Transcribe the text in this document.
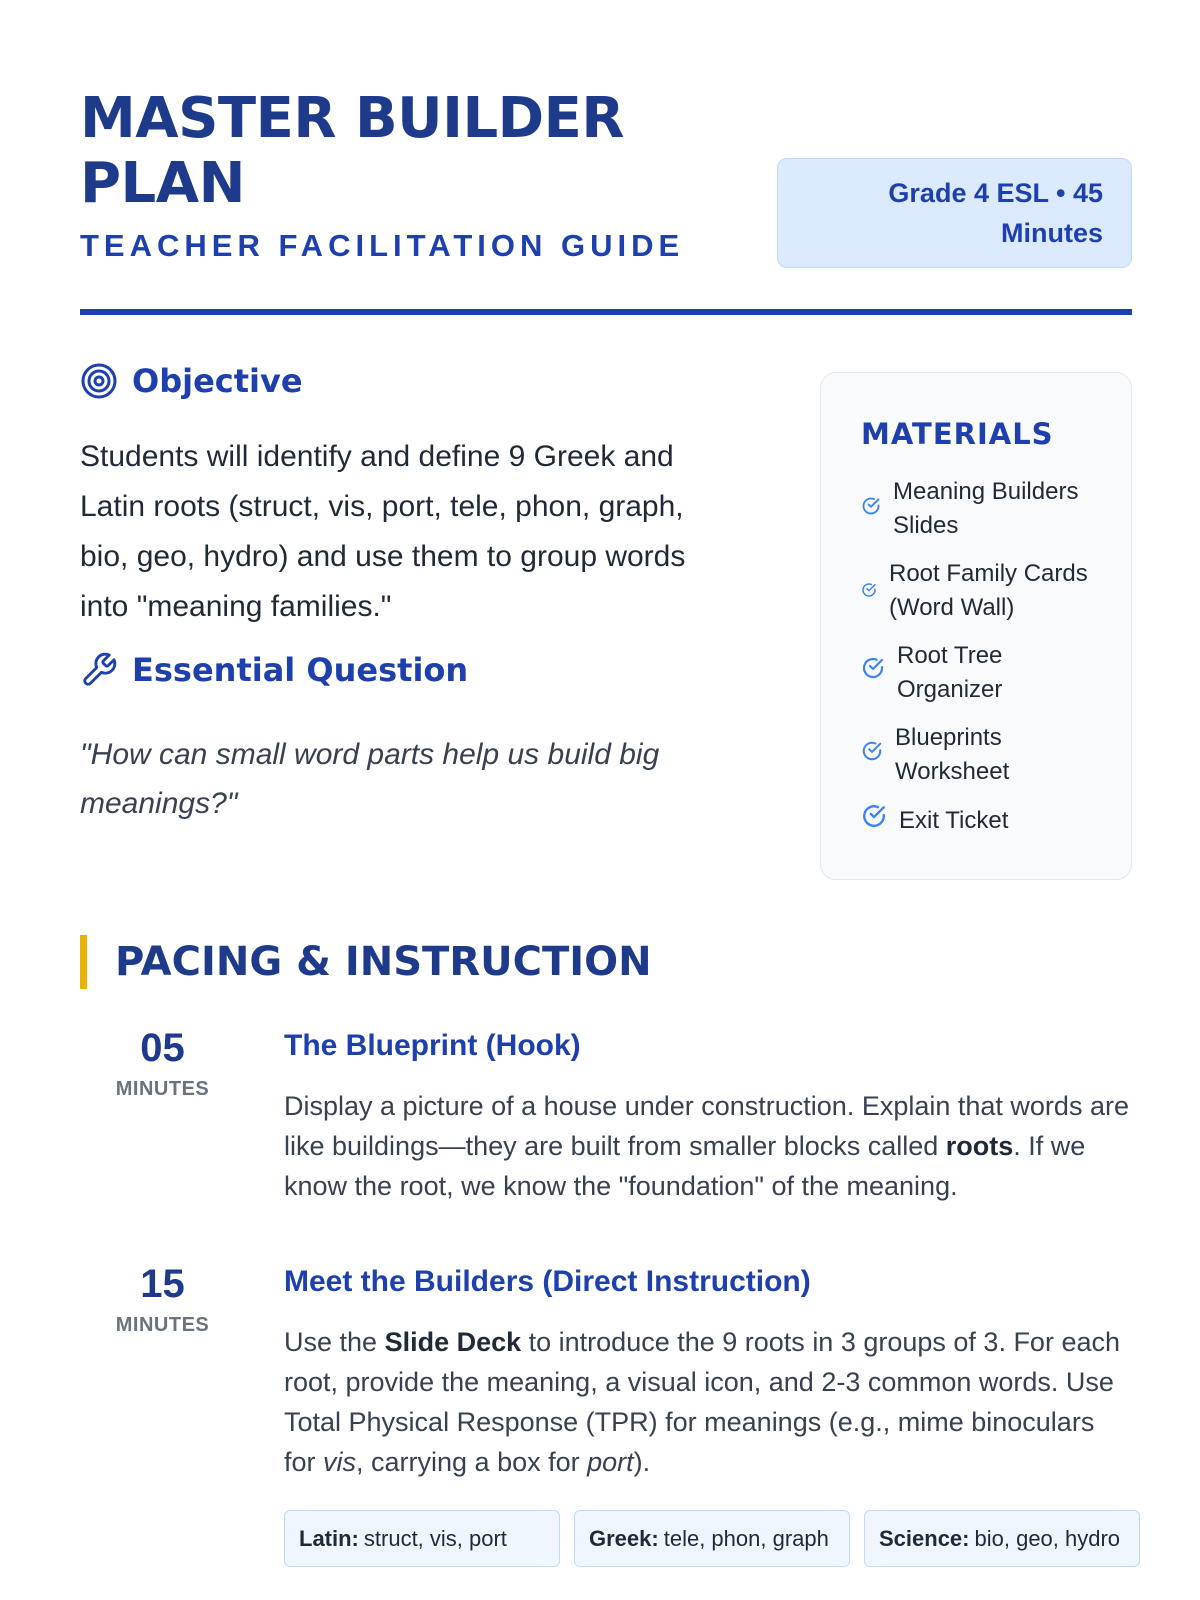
MASTER BUILDER PLAN
TEACHER FACILITATION GUIDE
Grade 4 ESL • 45 Minutes
Objective
Students will identify and define 9 Greek and Latin roots (struct, vis, port, tele, phon, graph, bio, geo, hydro) and use them to group words into "meaning families."
Essential Question
"How can small word parts help us build big meanings?"
MATERIALS
Meaning Builders Slides
Root Family Cards (Word Wall)
Root Tree Organizer
Blueprints Worksheet
Exit Ticket
PACING & INSTRUCTION
05
MINUTES
The Blueprint (Hook)
Display a picture of a house under construction. Explain that words are like buildings—they are built from smaller blocks called roots. If we know the root, we know the "foundation" of the meaning.
15
MINUTES
Meet the Builders (Direct Instruction)
Use the Slide Deck to introduce the 9 roots in 3 groups of 3. For each root, provide the meaning, a visual icon, and 2-3 common words. Use Total Physical Response (TPR) for meanings (e.g., mime binoculars for vis, carrying a box for port).
Latin: struct, vis, port	Greek: tele, phon, graph Science: bio, geo, hydro
